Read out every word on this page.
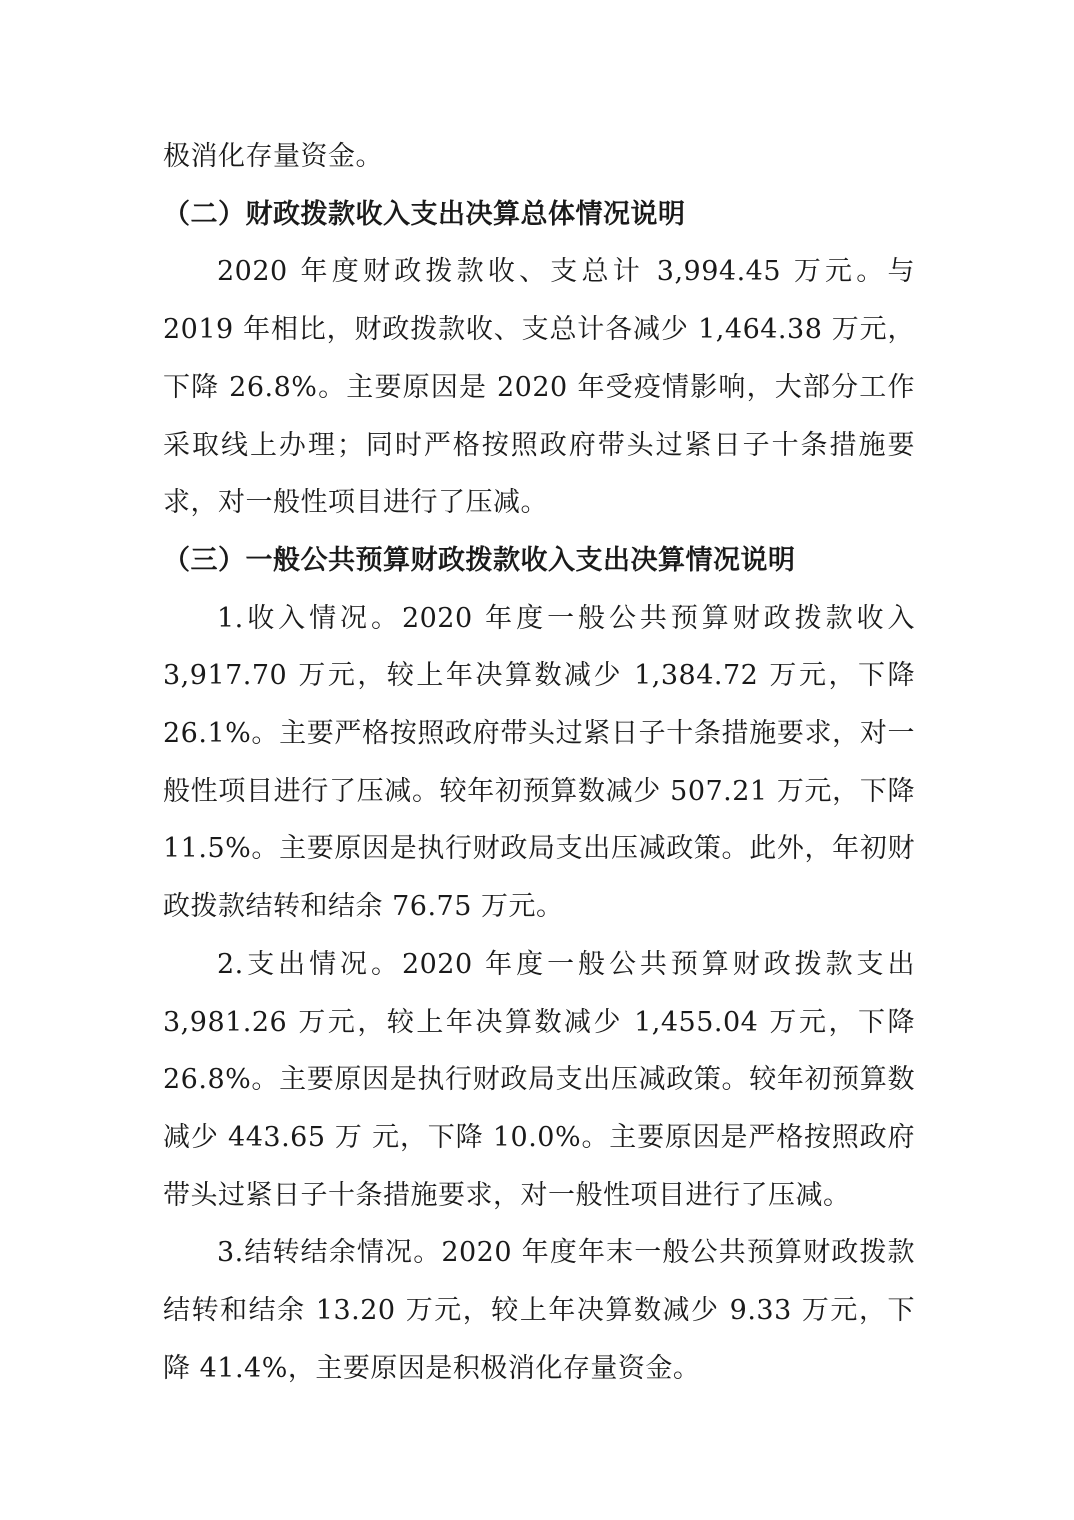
极消化存量资金。

（二）财政拨款收入支出决算总体情况说明

2020 年度财政拨款收、支总计 3,994.45 万元。与 2019 年相比，财政拨款收、支总计各减少 1,464.38 万元，下降 26.8%。主要原因是 2020 年受疫情影响，大部分工作采取线上办理；同时严格按照政府带头过紧日子十条措施要求，对一般性项目进行了压减。

（三）一般公共预算财政拨款收入支出决算情况说明

1.收入情况。2020 年度一般公共预算财政拨款收入 3,917.70 万元，较上年决算数减少 1,384.72 万元，下降 26.1%。主要严格按照政府带头过紧日子十条措施要求，对一般性项目进行了压减。较年初预算数减少 507.21 万元，下降 11.5%。主要原因是执行财政局支出压减政策。此外，年初财政拨款结转和结余 76.75 万元。

2.支出情况。2020 年度一般公共预算财政拨款支出 3,981.26 万元，较上年决算数减少 1,455.04 万元，下降 26.8%。主要原因是执行财政局支出压减政策。较年初预算数减少 443.65 万 元，下降 10.0%。主要原因是严格按照政府带头过紧日子十条措施要求，对一般性项目进行了压减。

3.结转结余情况。2020 年度年末一般公共预算财政拨款结转和结余 13.20 万元，较上年决算数减少 9.33 万元，下降 41.4%，主要原因是积极消化存量资金。
